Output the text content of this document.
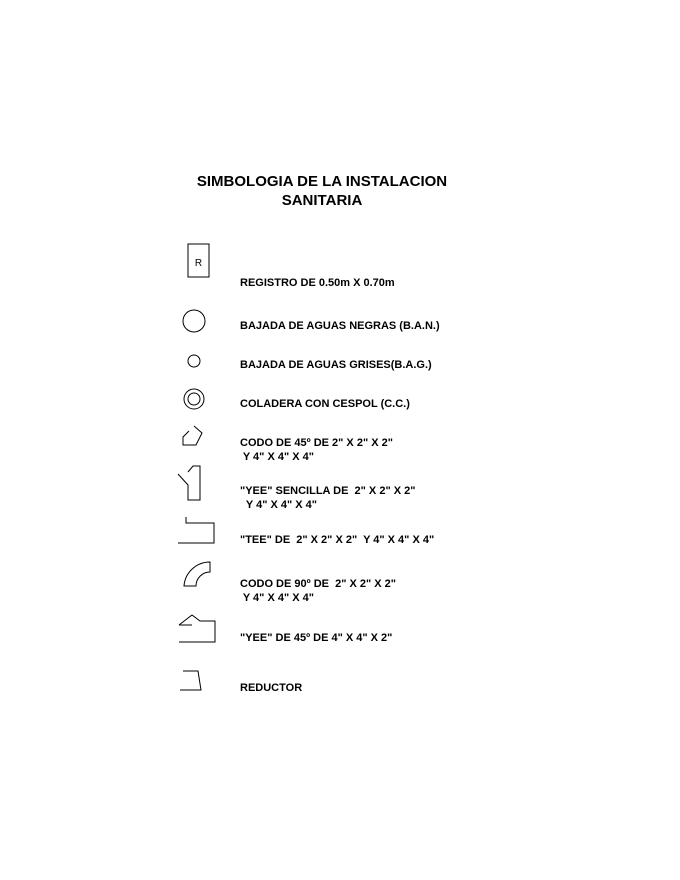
SIMBOLOGIA DE LA INSTALACION
SANITARIA
R
REGISTRO DE 0.50m X 0.70m
BAJADA DE AGUAS NEGRAS (B.A.N.)
BAJADA DE AGUAS GRISES(B.A.G.)
COLADERA CON CESPOL (C.C.)
CODO DE 45º DE 2" X 2" X 2"
Y 4" X 4" X 4"
"YEE" SENCILLA DE  2" X 2" X 2"
Y 4" X 4" X 4"
"TEE" DE  2" X 2" X 2"  Y 4" X 4" X 4"
CODO DE 90º DE  2" X 2" X 2"
Y 4" X 4" X 4"
"YEE" DE 45º DE 4" X 4" X 2"
REDUCTOR
